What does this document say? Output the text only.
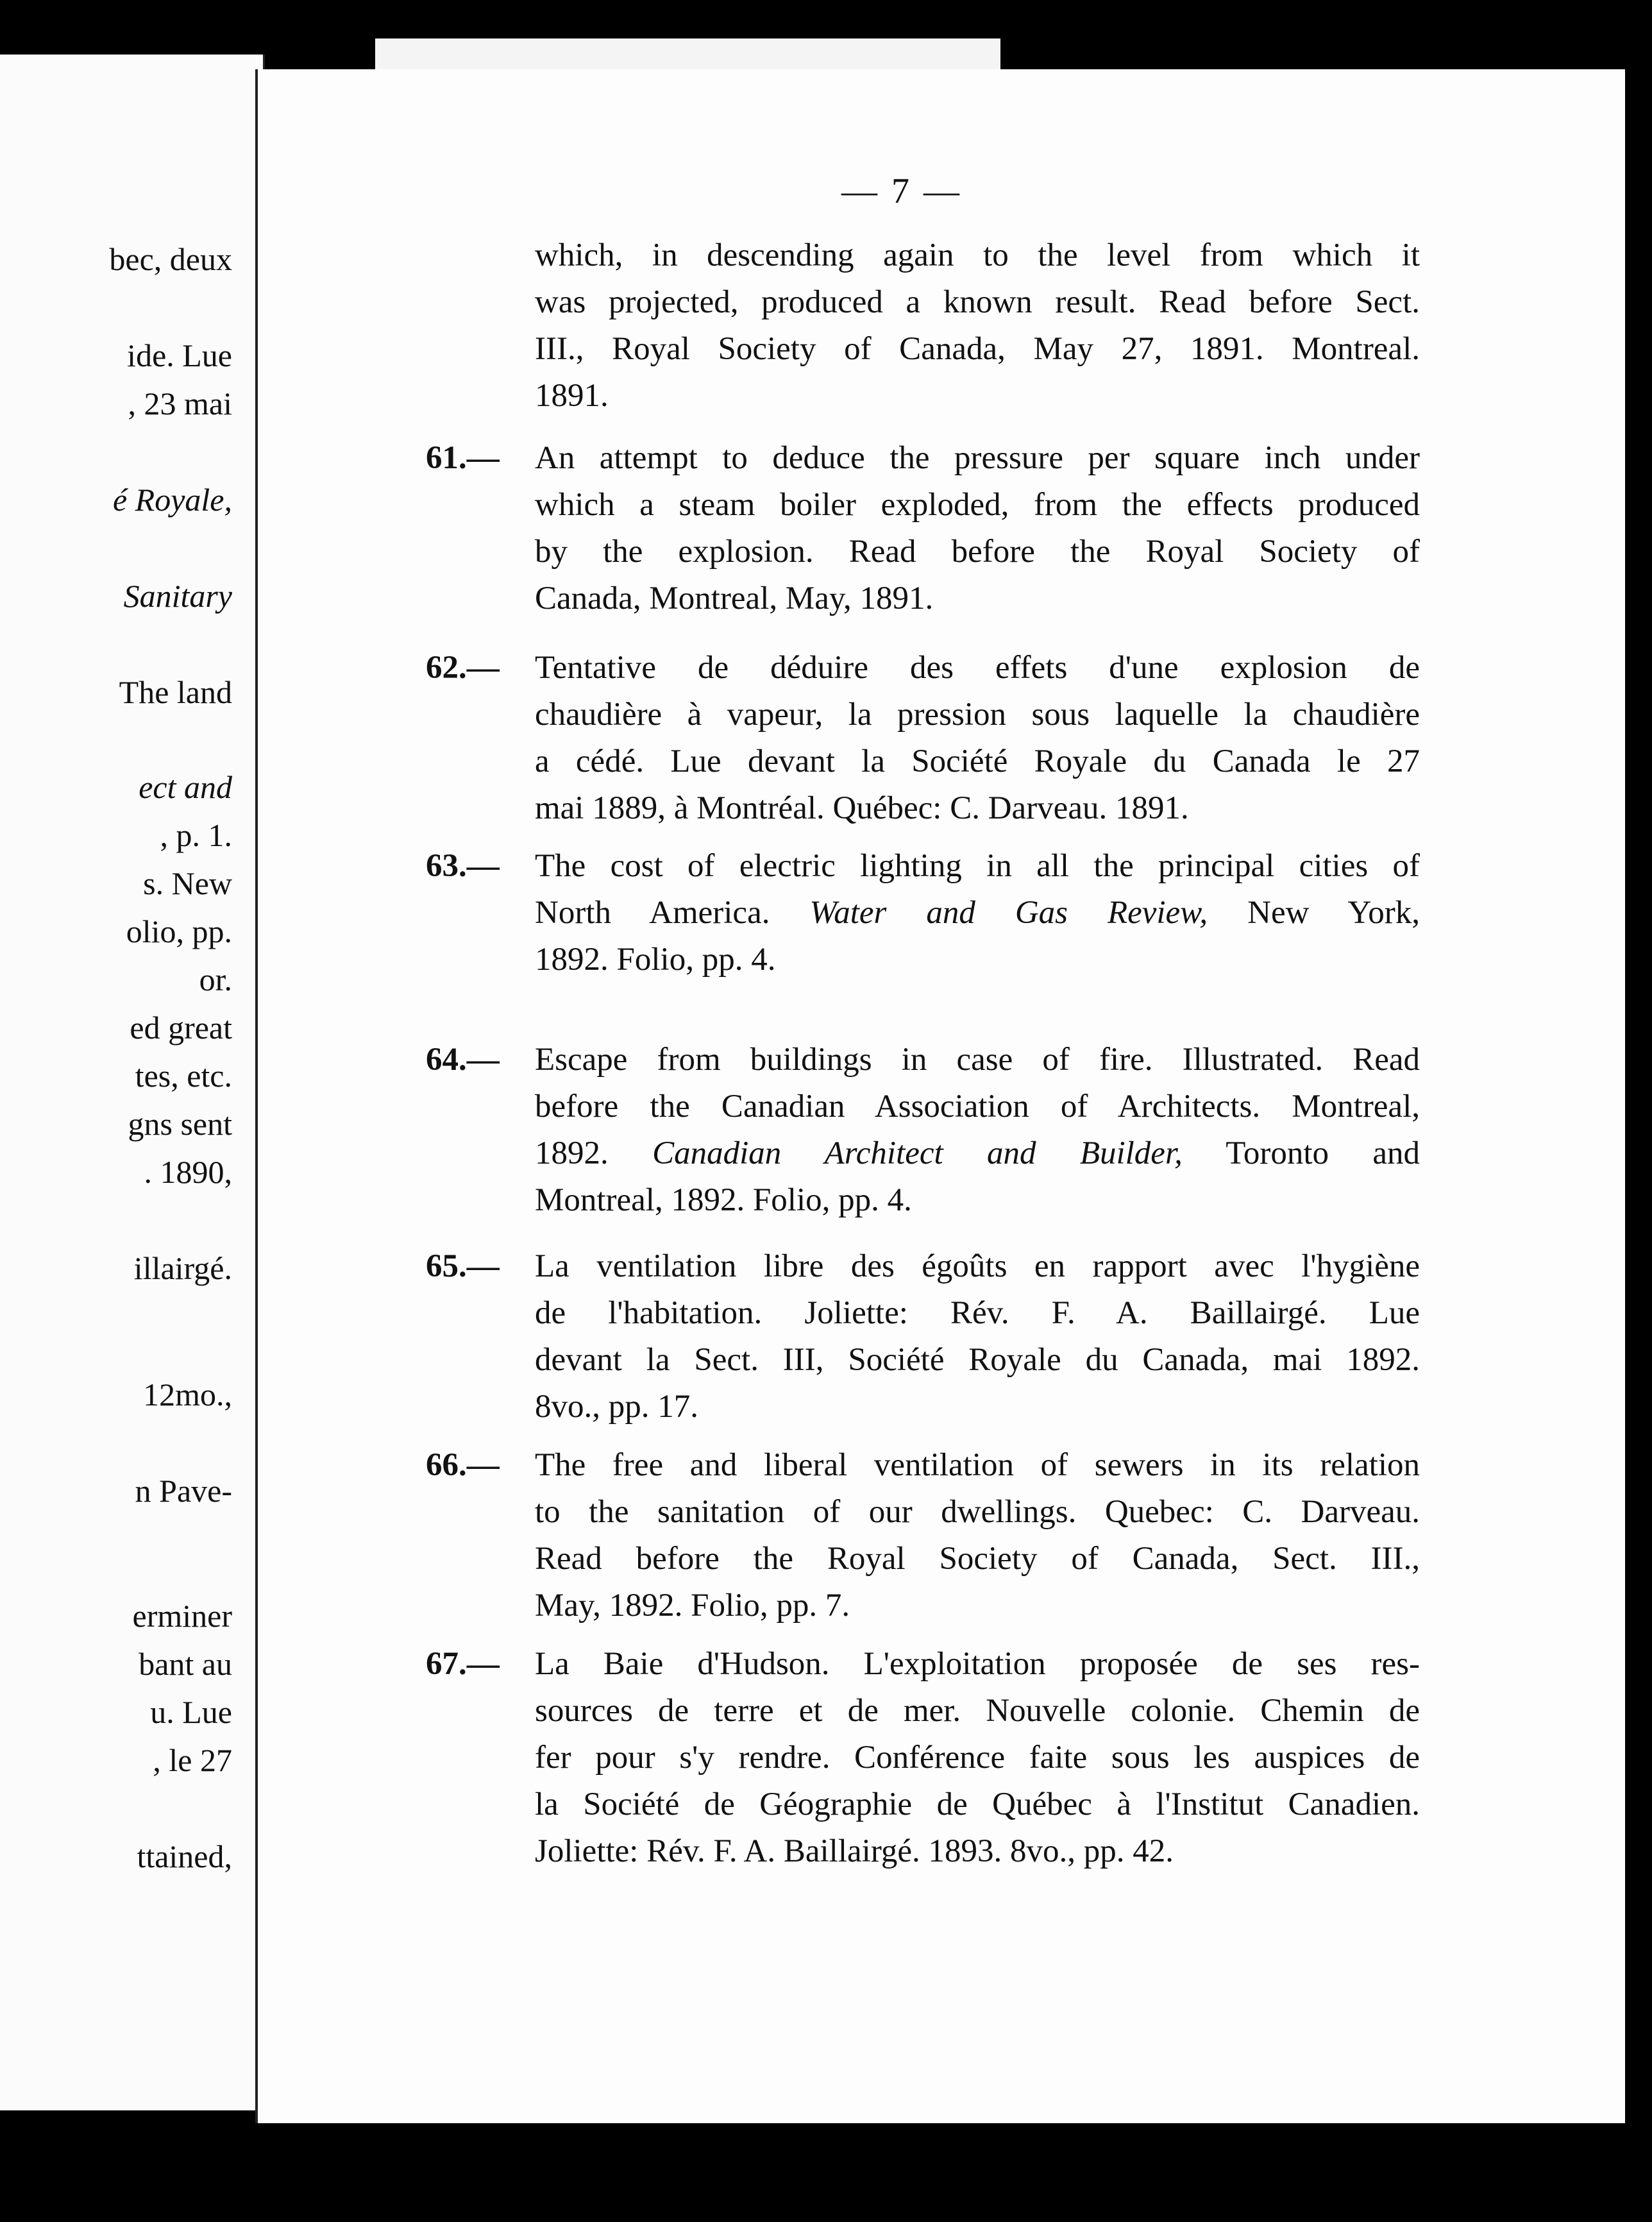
bec, deux
ide. Lue
, 23 mai
é Royale,
Sanitary
The land
ect and
, p. 1.
s. New
olio, pp.
or.
ed great
tes, etc.
gns sent
. 1890,
illairgé.
12mo.,
n Pave-
erminer
bant au
u. Lue
, le 27
ttained,
— 7 —
which, in descending again to the level from which it
was projected, produced a known result. Read before Sect.
III., Royal Society of Canada, May 27, 1891. Montreal.
1891.
61.—	An attempt to deduce the pressure per square inch under
which a steam boiler exploded, from the effects produced
by the explosion. Read before the Royal Society of
Canada, Montreal, May, 1891.
62.—	Tentative de déduire des effets d'une explosion de
chaudière à vapeur, la pression sous laquelle la chaudière
a cédé. Lue devant la Société Royale du Canada le 27
mai 1889, à Montréal. Québec: C. Darveau. 1891.
63.—	The cost of electric lighting in all the principal cities of
North America. Water and Gas Review, New York,
1892. Folio, pp. 4.
64.—	Escape from buildings in case of fire. Illustrated. Read
before the Canadian Association of Architects. Montreal,
1892. Canadian Architect and Builder, Toronto and
Montreal, 1892. Folio, pp. 4.
65.—	La ventilation libre des égoûts en rapport avec l'hygiène
de l'habitation. Joliette: Rév. F. A. Baillairgé. Lue
devant la Sect. III, Société Royale du Canada, mai 1892.
8vo., pp. 17.
66.—	The free and liberal ventilation of sewers in its relation
to the sanitation of our dwellings. Quebec: C. Darveau.
Read before the Royal Society of Canada, Sect. III.,
May, 1892. Folio, pp. 7.
67.—	La Baie d'Hudson. L'exploitation proposée de ses res-
sources de terre et de mer. Nouvelle colonie. Chemin de
fer pour s'y rendre. Conférence faite sous les auspices de
la Société de Géographie de Québec à l'Institut Canadien.
Joliette: Rév. F. A. Baillairgé. 1893. 8vo., pp. 42.
